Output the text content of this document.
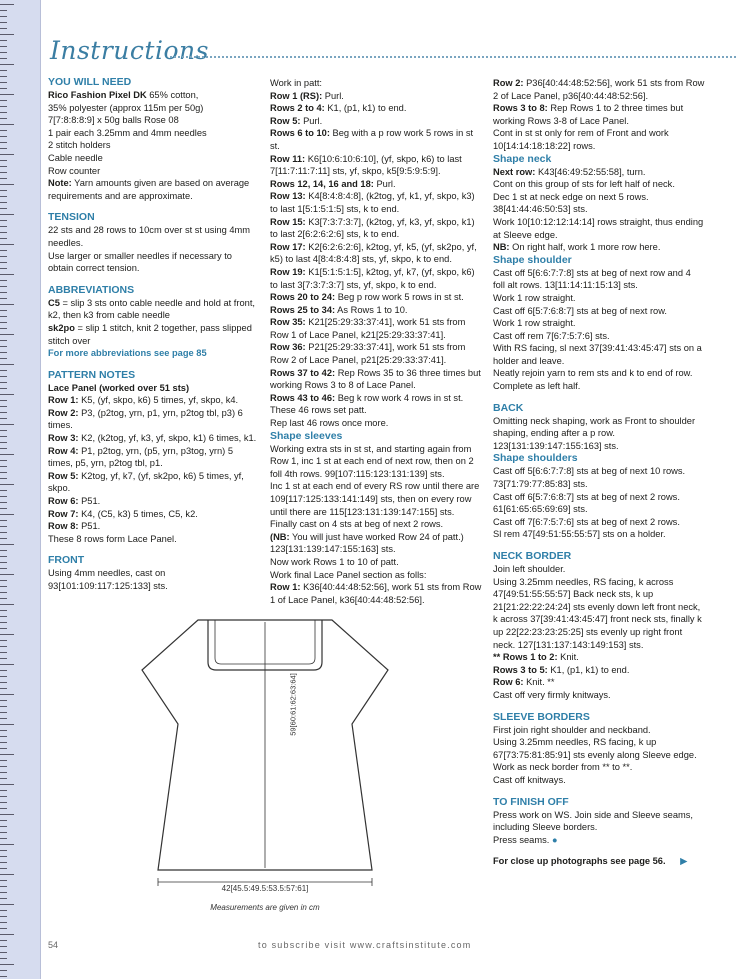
Instructions

YOU WILL NEED

Rico Fashion Pixel DK 65% cotton,

35% polyester (approx 115m per 50g)

7[7:8:8:8:9] x 50g balls Rose 08

1 pair each 3.25mm and 4mm needles

2 stitch holders

Cable needle

Row counter

Note: Yarn amounts given are based on average requirements and are approximate.

TENSION

22 sts and 28 rows to 10cm over st st using 4mm needles.

Use larger or smaller needles if necessary to obtain correct tension.

ABBREVIATIONS

C5 = slip 3 sts onto cable needle and hold at front, k2, then k3 from cable needle

sk2po = slip 1 stitch, knit 2 together, pass slipped stitch over

For more abbreviations see page 85

PATTERN NOTES

Lace Panel (worked over 51 sts)

Row 1: K5, (yf, skpo, k6) 5 times, yf, skpo, k4.

Row 2: P3, (p2tog, yrn, p1, yrn, p2tog tbl, p3) 6 times.

Row 3: K2, (k2tog, yf, k3, yf, skpo, k1) 6 times, k1.

Row 4: P1, p2tog, yrn, (p5, yrn, p3tog, yrn) 5 times, p5, yrn, p2tog tbl, p1.

Row 5: K2tog, yf, k7, (yf, sk2po, k6) 5 times, yf, skpo.

Row 6: P51.

Row 7: K4, (C5, k3) 5 times, C5, k2.

Row 8: P51.

These 8 rows form Lace Panel.

FRONT

Using 4mm needles, cast on 93[101:109:117:125:133] sts.

Work in patt:

Row 1 (RS): Purl.

Rows 2 to 4: K1, (p1, k1) to end.

Row 5: Purl.

Rows 6 to 10: Beg with a p row work 5 rows in st st.

Row 11: K6[10:6:10:6:10], (yf, skpo, k6) to last 7[11:7:11:7:11] sts, yf, skpo, k5[9:5:9:5:9].

Rows 12, 14, 16 and 18: Purl.

Row 13: K4[8:4:8:4:8], (k2tog, yf, k1, yf, skpo, k3) to last 1[5:1:5:1:5] sts, k to end.

Row 15: K3[7:3:7:3:7], (k2tog, yf, k3, yf, skpo, k1) to last 2[6:2:6:2:6] sts, k to end.

Row 17: K2[6:2:6:2:6], k2tog, yf, k5, (yf, sk2po, yf, k5) to last 4[8:4:8:4:8] sts, yf, skpo, k to end.

Row 19: K1[5:1:5:1:5], k2tog, yf, k7, (yf, skpo, k6) to last 3[7:3:7:3:7] sts, yf, skpo, k to end.

Rows 20 to 24: Beg p row work 5 rows in st st.

Rows 25 to 34: As Rows 1 to 10.

Row 35: K21[25:29:33:37:41], work 51 sts from Row 1 of Lace Panel, k21[25:29:33:37:41].

Row 36: P21[25:29:33:37:41], work 51 sts from Row 2 of Lace Panel, p21[25:29:33:37:41].

Rows 37 to 42: Rep Rows 35 to 36 three times but working Rows 3 to 8 of Lace Panel.

Rows 43 to 46: Beg k row work 4 rows in st st.

These 46 rows set patt.

Rep last 46 rows once more.

Shape sleeves

Working extra sts in st st, and starting again from Row 1, inc 1 st at each end of next row, then on 2 foll 4th rows. 99[107:115:123:131:139] sts.

Inc 1 st at each end of every RS row until there are 109[117:125:133:141:149] sts, then on every row until there are 115[123:131:139:147:155] sts.

Finally cast on 4 sts at beg of next 2 rows.

(NB: You will just have worked Row 24 of patt.) 123[131:139:147:155:163] sts.

Now work Rows 1 to 10 of patt.

Work final Lace Panel section as folls:

Row 1: K36[40:44:48:52:56], work 51 sts from Row 1 of Lace Panel, k36[40:44:48:52:56].

Row 2: P36[40:44:48:52:56], work 51 sts from Row 2 of Lace Panel, p36[40:44:48:52:56].

Rows 3 to 8: Rep Rows 1 to 2 three times but working Rows 3-8 of Lace Panel.

Cont in st st only for rem of Front and work 10[14:14:18:18:22] rows.

Shape neck

Next row: K43[46:49:52:55:58], turn.

Cont on this group of sts for left half of neck.

Dec 1 st at neck edge on next 5 rows. 38[41:44:46:50:53] sts.

Work 10[10:12:12:14:14] rows straight, thus ending at Sleeve edge.

NB: On right half, work 1 more row here.

Shape shoulder

Cast off 5[6:6:7:7:8] sts at beg of next row and 4 foll alt rows. 13[11:14:11:15:13] sts.

Work 1 row straight.

Cast off 6[5:7:6:8:7] sts at beg of next row.

Work 1 row straight.

Cast off rem 7[6:7:5:7:6] sts.

With RS facing, sl next 37[39:41:43:45:47] sts on a holder and leave.

Neatly rejoin yarn to rem sts and k to end of row.

Complete as left half.

BACK

Omitting neck shaping, work as Front to shoulder shaping, ending after a p row. 123[131:139:147:155:163] sts.

Shape shoulders

Cast off 5[6:6:7:7:8] sts at beg of next 10 rows. 73[71:79:77:85:83] sts.

Cast off 6[5:7:6:8:7] sts at beg of next 2 rows. 61[61:65:65:69:69] sts.

Cast off 7[6:7:5:7:6] sts at beg of next 2 rows.

Sl rem 47[49:51:55:55:57] sts on a holder.

NECK BORDER

Join left shoulder.

Using 3.25mm needles, RS facing, k across 47[49:51:55:55:57] Back neck sts, k up 21[21:22:22:24:24] sts evenly down left front neck, k across 37[39:41:43:45:47] front neck sts, finally k up 22[22:23:23:25:25] sts evenly up right front neck. 127[131:137:143:149:153] sts.

** Rows 1 to 2: Knit.

Rows 3 to 5: K1, (p1, k1) to end.

Row 6: Knit. **

Cast off very firmly knitways.

SLEEVE BORDERS

First join right shoulder and neckband.

Using 3.25mm needles, RS facing, k up 67[73:75:81:85:91] sts evenly along Sleeve edge.

Work as neck border from ** to **.

Cast off knitways.

TO FINISH OFF

Press work on WS. Join side and Sleeve seams, including Sleeve borders.

Press seams. ●

For close up photographs see page 56. ▶

59[60:61:62:63:64]
42[45.5:49.5:53.5:57:61]
Measurements are given in cm
54	to subscribe visit www.craftsinstitute.com
